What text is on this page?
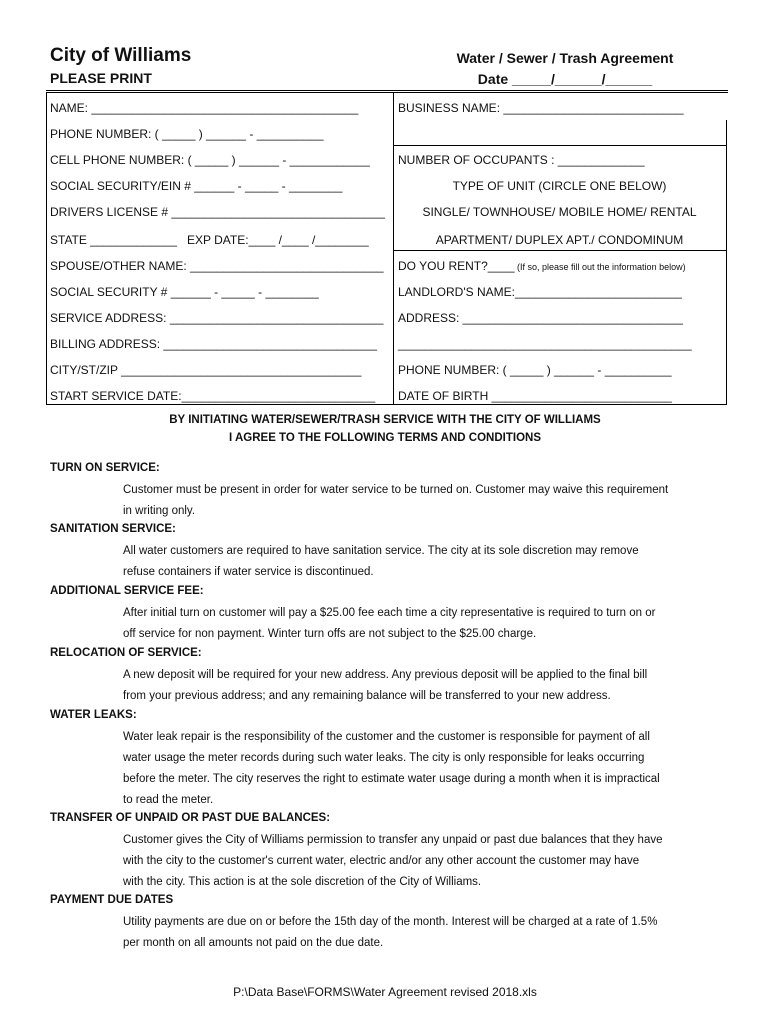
City of Williams
PLEASE PRINT
Water / Sewer / Trash Agreement
Date _____/______/______
NAME: ________________________________________
PHONE NUMBER: ( _____ ) ______ - __________
CELL PHONE NUMBER: ( _____ ) ______ - ____________
SOCIAL SECURITY/EIN # ______ - _____ - ________
DRIVERS LICENSE # ________________________________
STATE _____________   EXP DATE:____ /____ /________
SPOUSE/OTHER NAME: _____________________________
SOCIAL SECURITY # ______ - _____ - ________
SERVICE ADDRESS: ________________________________
BILLING ADDRESS: ________________________________
CITY/ST/ZIP ____________________________________
START SERVICE DATE:_____________________________
BUSINESS NAME: ___________________________
NUMBER OF OCCUPANTS : _____________
TYPE OF UNIT (CIRCLE ONE BELOW)
SINGLE/ TOWNHOUSE/ MOBILE HOME/ RENTAL
APARTMENT/ DUPLEX APT./ CONDOMINUM
DO YOU RENT?____ (If so, please fill out the information below)
LANDLORD'S NAME:_________________________
ADDRESS: _________________________________
____________________________________________
PHONE NUMBER: ( _____ ) ______ - __________
DATE OF BIRTH ___________________________
BY INITIATING WATER/SEWER/TRASH SERVICE WITH THE CITY OF WILLIAMS
I AGREE TO THE FOLLOWING TERMS AND CONDITIONS
TURN ON SERVICE:
Customer must be present in order for water service to be turned on. Customer may waive this requirement
in writing only.
SANITATION SERVICE:
All water customers are required to have sanitation service. The city at its sole discretion may remove
refuse containers if water service is discontinued.
ADDITIONAL SERVICE FEE:
After initial turn on customer will pay a $25.00 fee each time a city representative is required to turn on or
off service for non payment. Winter turn offs are not subject to the $25.00 charge.
RELOCATION OF SERVICE:
A new deposit will be required for your new address. Any previous deposit will be applied to the final bill
from your previous address; and any remaining balance will be transferred to your new address.
WATER LEAKS:
Water leak repair is the responsibility of the customer and the customer is responsible for payment of all
water usage the meter records during such water leaks. The city is only responsible for leaks occurring
before the meter. The city reserves the right to estimate water usage during a month when it is impractical
to read the meter.
TRANSFER OF UNPAID OR PAST DUE BALANCES:
Customer gives the City of Williams permission to transfer any unpaid or past due balances that they have
with the city to the customer's current water, electric and/or any other account the customer may have
with the city. This action is at the sole discretion of the City of Williams.
PAYMENT DUE DATES
Utility payments are due on or before the 15th day of the month. Interest will be charged at a rate of 1.5%
per month on all amounts not paid on the due date.
P:\Data Base\FORMS\Water Agreement revised 2018.xls
